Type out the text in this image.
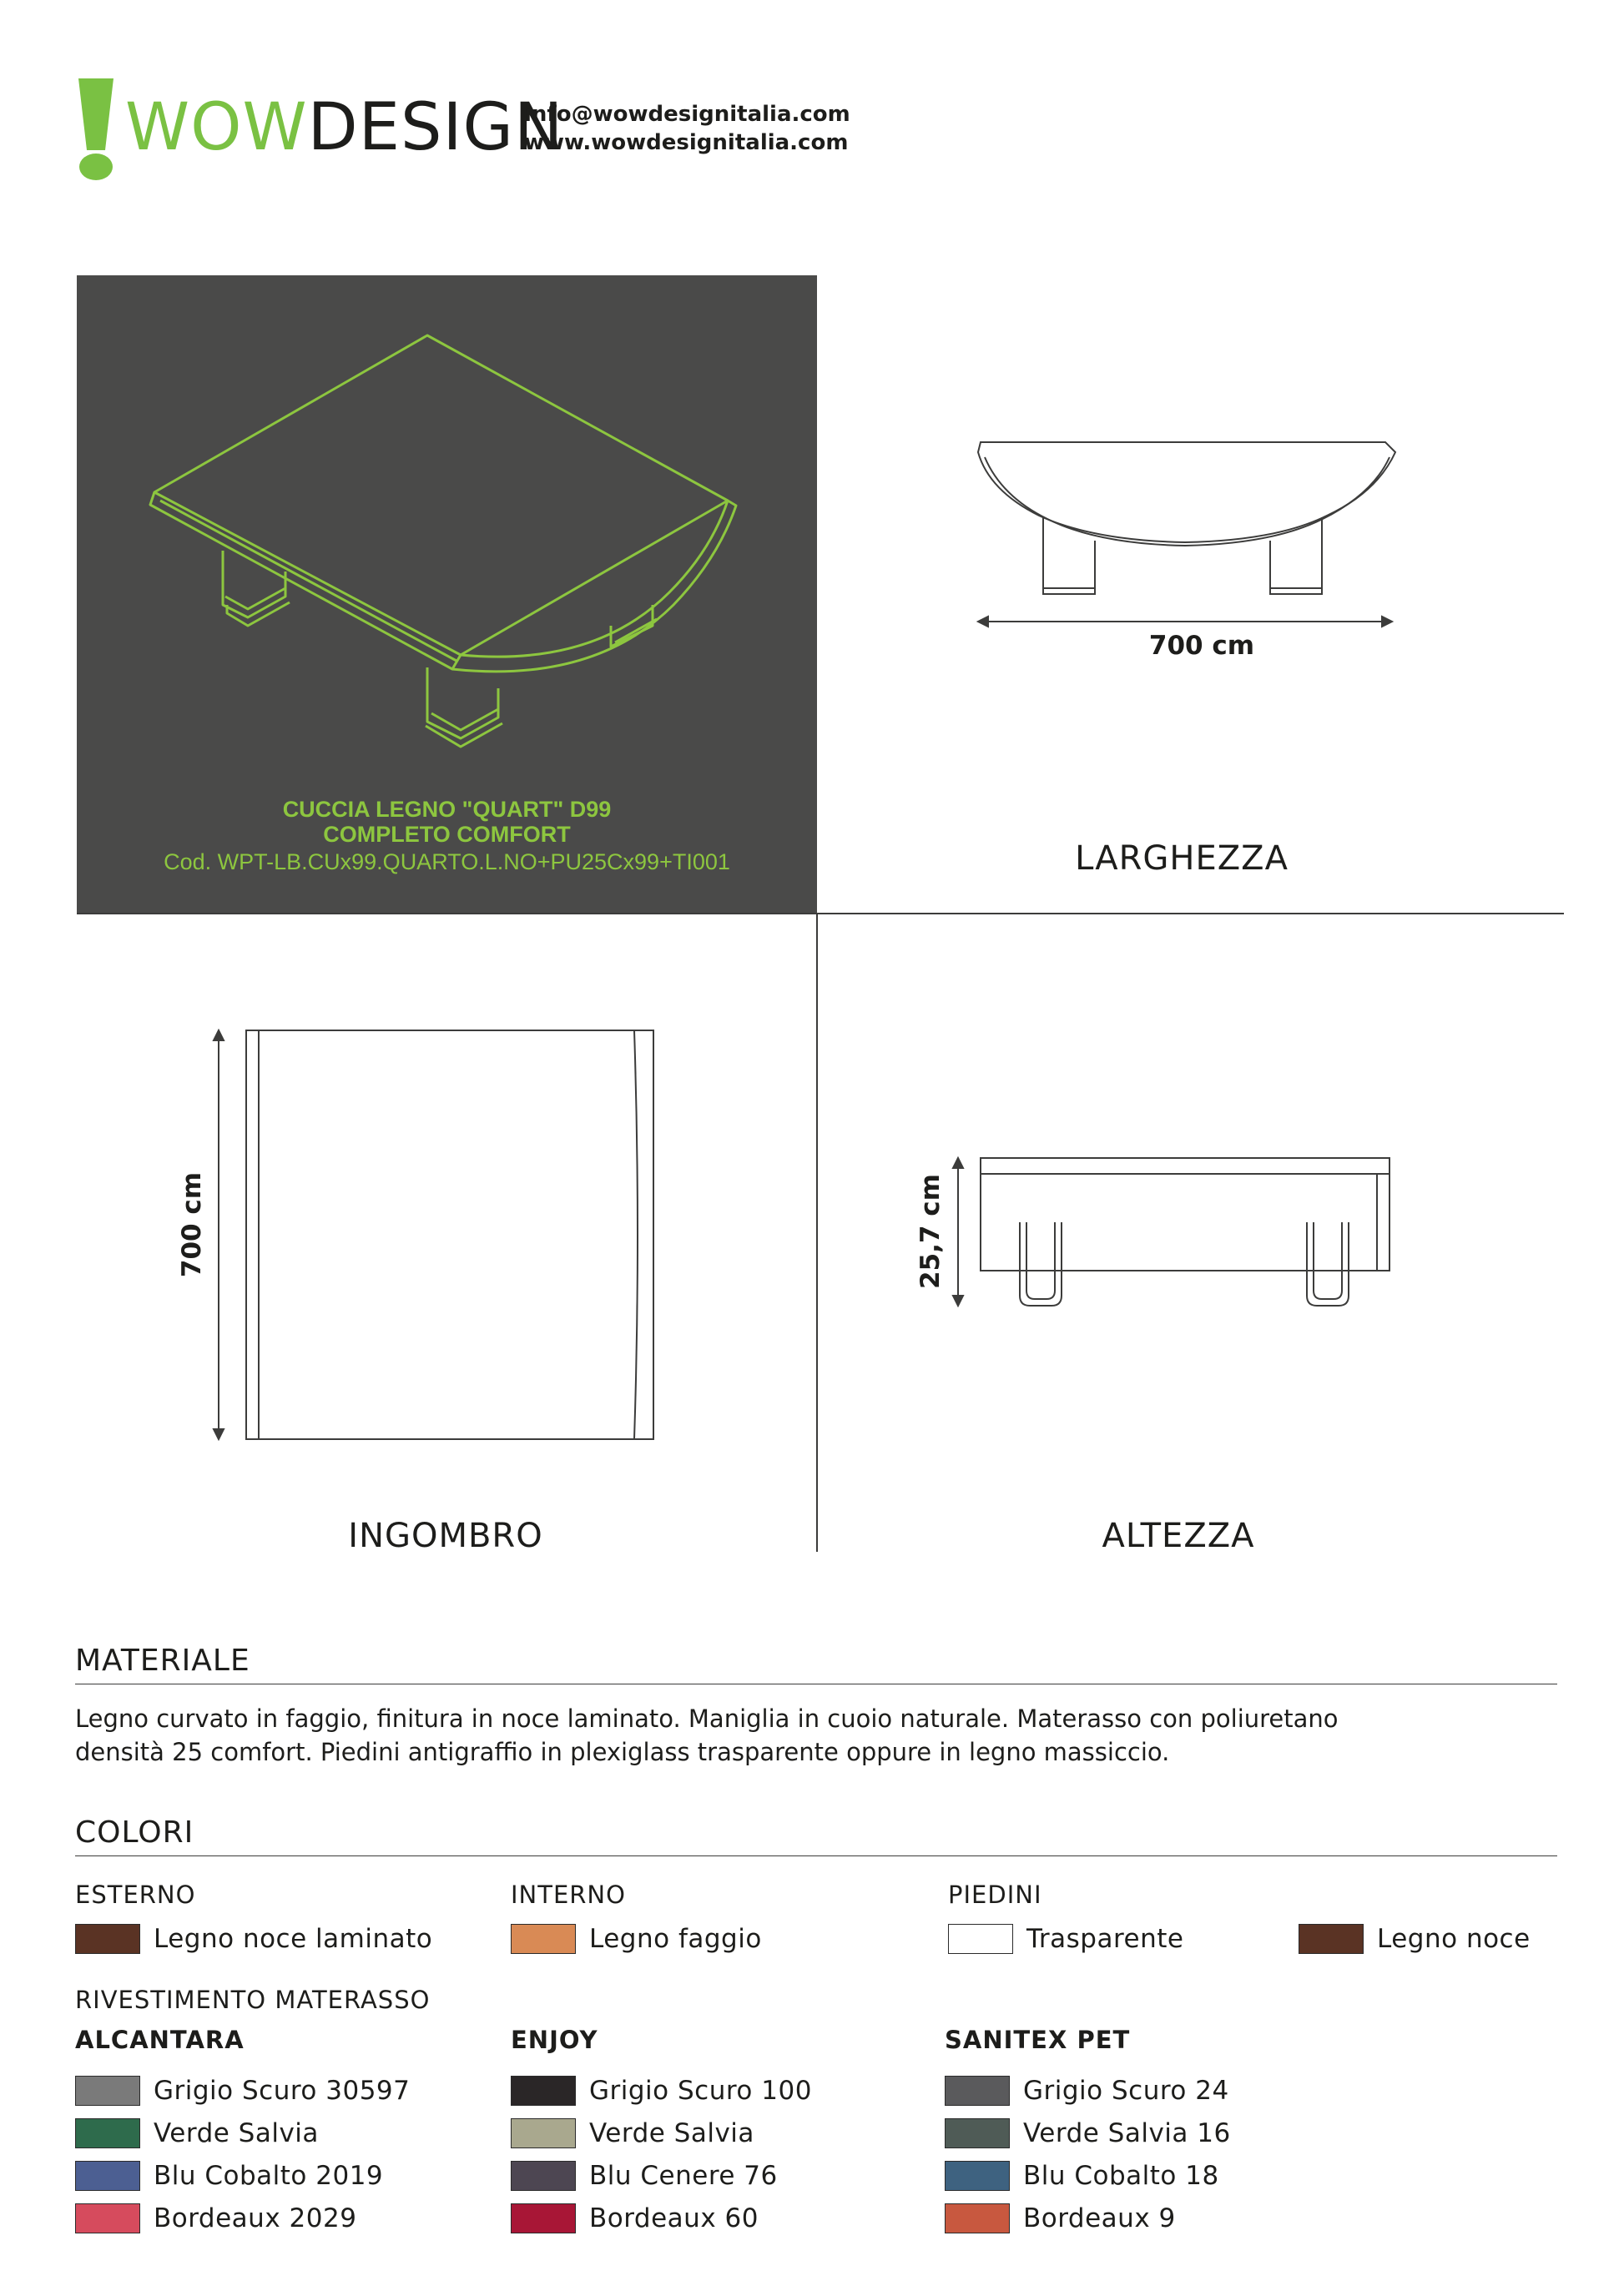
WOWDESIGN
info@wowdesignitalia.com
www.wowdesignitalia.com
CUCCIA LEGNO "QUART" D99
COMPLETO COMFORT
Cod. WPT-LB.CUx99.QUARTO.L.NO+PU25Cx99+TI001
700 cm
LARGHEZZA
700 cm
INGOMBRO
25,7 cm
ALTEZZA
MATERIALE
Legno curvato in faggio, finitura in noce laminato. Maniglia in cuoio naturale. Materasso con poliuretano
densità 25 comfort. Piedini antigraffio in plexiglass trasparente oppure in legno massiccio.
COLORI
ESTERNO
Legno noce laminato
INTERNO
Legno faggio
PIEDINI
Trasparente	Legno noce
RIVESTIMENTO MATERASSO
ALCANTARA
Grigio Scuro 30597
Verde Salvia
Blu Cobalto 2019
Bordeaux 2029
ENJOY
Grigio Scuro 100
Verde Salvia
Blu Cenere 76
Bordeaux 60
SANITEX PET
Grigio Scuro 24
Verde Salvia 16
Blu Cobalto 18
Bordeaux 9
